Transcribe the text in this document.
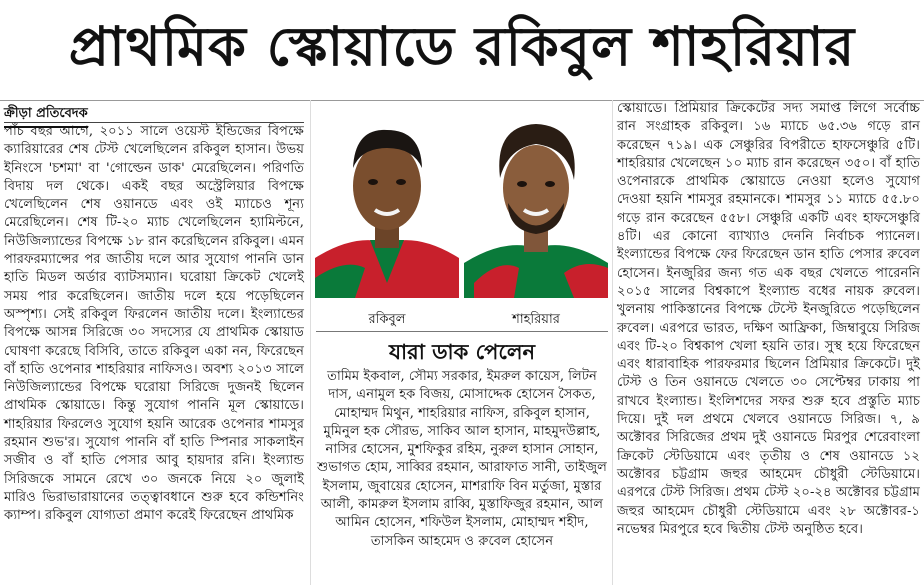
প্রাথমিক স্কোয়াডে রকিবুল শাহরিয়ার
ক্রীড়া প্রতিবেদক

পাঁচ বছর আগে, ২০১১ সালে ওয়েস্ট ইন্ডিজের বিপক্ষে ক্যারিয়ারের শেষ টেস্ট খেলেছিলেন রকিবুল হাসান। উভয় ইনিংসে 'চশমা' বা 'গোল্ডেন ডাক' মেরেছিলেন। পরিণতি বিদায় দল থেকে। একই বছর অস্ট্রেলিয়ার বিপক্ষে খেলেছিলেন শেষ ওয়ানডে এবং ওই ম্যাচেও শূন্য মেরেছিলেন। শেষ টি-২০ ম্যাচ খেলেছিলেন হ্যামিল্টনে, নিউজিল্যান্ডের বিপক্ষে ১৮ রান করেছিলেন রকিবুল। এমন পারফরম্যান্সের পর জাতীয় দলে আর সুযোগ পাননি ডান হাতি মিডল অর্ডার ব্যাটসম্যান। ঘরোয়া ক্রিকেট খেলেই সময় পার করেছিলেন। জাতীয় দলে হয়ে পড়েছিলেন অস্পৃশ্য। সেই রকিবুল ফিরলেন জাতীয় দলে। ইংল্যান্ডের বিপক্ষে আসন্ন সিরিজে ৩০ সদস্যের যে প্রাথমিক স্কোয়াড ঘোষণা করেছে বিসিবি, তাতে রকিবুল একা নন, ফিরেছেন বাঁ হাতি ওপেনার শাহরিয়ার নাফিসও। অবশ্য ২০১৩ সালে নিউজিল্যান্ডের বিপক্ষে ঘরোয়া সিরিজে দুজনই ছিলেন প্রাথমিক স্কোয়াডে। কিন্তু সুযোগ পাননি মূল স্কোয়াডে। শাহরিয়ার ফিরলেও সুযোগ হয়নি আরেক ওপেনার শামসুর রহমান শুভ'র। সুযোগ পাননি বাঁ হাতি স্পিনার সাকলাইন সজীব ও বাঁ হাতি পেসার আবু হায়দার রনি। ইংল্যান্ড সিরিজকে সামনে রেখে ৩০ জনকে নিয়ে ২০ জুলাই মারিও ভিরাভারায়ানের তত্ত্বাবধানে শুরু হবে কন্ডিশনিং ক্যাম্প। রকিবুল যোগ্যতা প্রমাণ করেই ফিরেছেন প্রাথমিক

রকিবুল	শাহরিয়ার
যারা ডাক পেলেন

তামিম ইকবাল, সৌম্য সরকার, ইমরুল কায়েস, লিটন দাস, এনামুল হক বিজয়, মোসাদ্দেক হোসেন সৈকত, মোহাম্মদ মিথুন, শাহরিয়ার নাফিস, রকিবুল হাসান, মুমিনুল হক সৌরভ, সাকিব আল হাসান, মাহমুদউল্লাহ, নাসির হোসেন, মুশফিকুর রহিম, নুরুল হাসান সোহান, শুভাগত হোম, সাব্বির রহমান, আরাফাত সানী, তাইজুল ইসলাম, জুবায়ের হোসেন, মাশরাফি বিন মর্তুজা, মুস্তার আলী, কামরুল ইসলাম রাব্বি, মুস্তাফিজুর রহমান, আল আমিন হোসেন, শফিউল ইসলাম, মোহাম্মদ শহীদ, তাসকিন আহমেদ ও রুবেল হোসেন

স্কোয়াডে। প্রিমিয়ার ক্রিকেটের সদ্য সমাপ্ত লিগে সর্বোচ্চ রান সংগ্রাহক রকিবুল। ১৬ ম্যাচে ৬৫.৩৬ গড়ে রান করেছেন ৭১৯। এক সেঞ্চুরির বিপরীতে হাফসেঞ্চুরি ৫টি। শাহরিয়ার খেলেছেন ১০ ম্যাচ রান করেছেন ৩৫০। বাঁ হাতি ওপেনারকে প্রাথমিক স্কোয়াডে নেওয়া হলেও সুযোগ দেওয়া হয়নি শামসুর রহমানকে। শামসুর ১১ ম্যাচে ৫৫.৮০ গড়ে রান করেছেন ৫৫৮। সেঞ্চুরি একটি এবং হাফসেঞ্চুরি ৪টি। এর কোনো ব্যাখ্যাও দেননি নির্বাচক প্যানেল। ইংল্যান্ডের বিপক্ষে ফের ফিরেছেন ডান হাতি পেসার রুবেল হোসেন। ইনজুরির জন্য গত এক বছর খেলতে পারেননি ২০১৫ সালের বিশ্বকাপে ইংল্যান্ড বধের নায়ক রুবেল। খুলনায় পাকিস্তানের বিপক্ষে টেস্টে ইনজুরিতে পড়েছিলেন রুবেল। এরপরে ভারত, দক্ষিণ আফ্রিকা, জিম্বাবুয়ে সিরিজ এবং টি-২০ বিশ্বকাপ খেলা হয়নি তার। সুস্থ হয়ে ফিরেছেন এবং ধারাবাহিক পারফরমার ছিলেন প্রিমিয়ার ক্রিকেটে। দুই টেস্ট ও তিন ওয়ানডে খেলতে ৩০ সেপ্টেম্বর ঢাকায় পা রাখবে ইংল্যান্ড। ইংলিশদের সফর শুরু হবে প্রস্তুতি ম্যাচ দিয়ে। দুই দল প্রথমে খেলবে ওয়ানডে সিরিজ। ৭, ৯ অক্টোবর সিরিজের প্রথম দুই ওয়ানডে মিরপুর শেরেবাংলা ক্রিকেট স্টেডিয়ামে এবং তৃতীয় ও শেষ ওয়ানডে ১২ অক্টোবর চট্টগ্রাম জহুর আহমেদ চৌধুরী স্টেডিয়ামে। এরপরে টেস্ট সিরিজ। প্রথম টেস্ট ২০-২৪ অক্টোবর চট্টগ্রাম জহুর আহমেদ চৌধুরী স্টেডিয়ামে এবং ২৮ অক্টোবর-১ নভেম্বর মিরপুরে হবে দ্বিতীয় টেস্ট অনুষ্ঠিত হবে।
